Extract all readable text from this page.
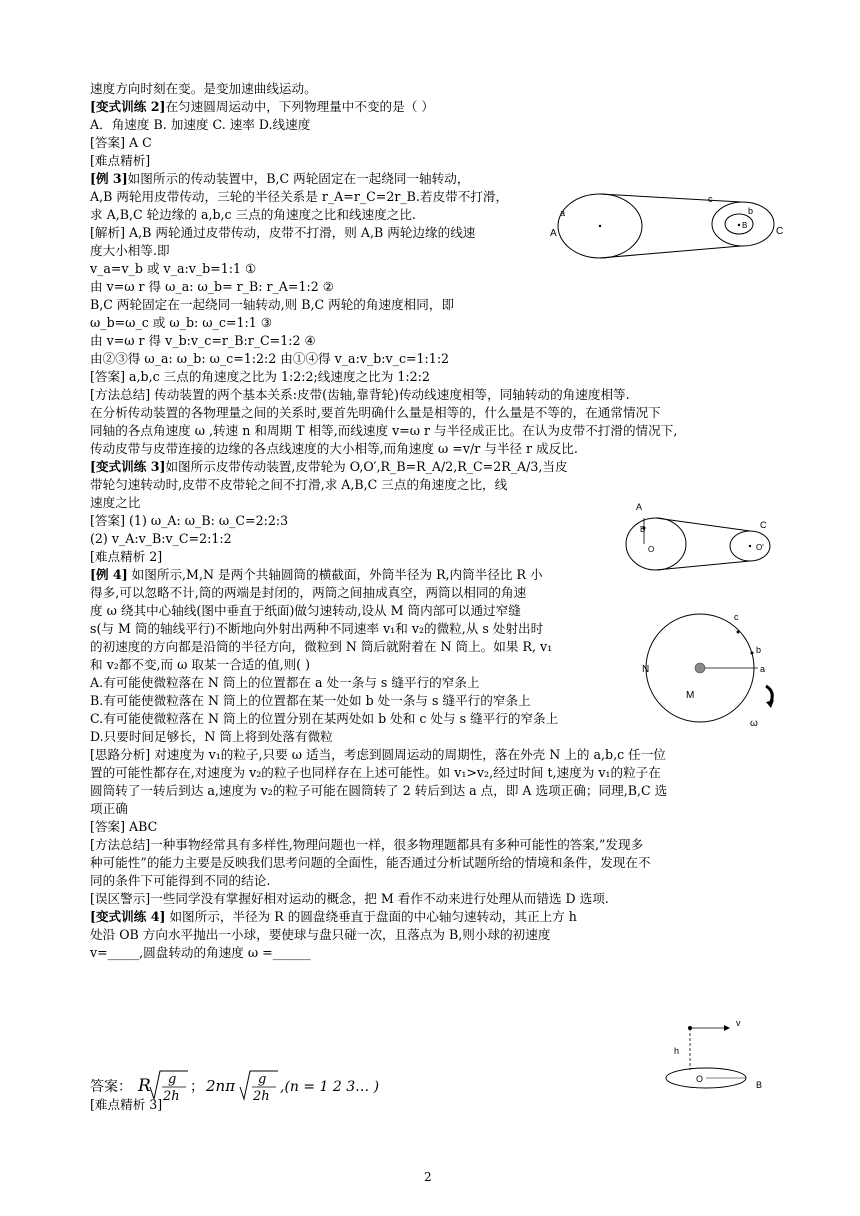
速度方向时刻在变。是变加速曲线运动。
[变式训练 2]在匀速圆周运动中，下列物理量中不变的是（ ）
A．角速度 B. 加速度 C. 速率 D.线速度
[答案] A C
[难点精析]
[例 3]如图所示的传动装置中，B,C 两轮固定在一起绕同一轴转动，
A,B 两轮用皮带传动，三轮的半径关系是 r_A=r_C=2r_B.若皮带不打滑，
求 A,B,C 轮边缘的 a,b,c 三点的角速度之比和线速度之比.
[解析] A,B 两轮通过皮带传动，皮带不打滑，则 A,B 两轮边缘的线速
度大小相等.即
v_a=v_b 或 v_a:v_b=1:1 ①
由 v=ω r 得 ω_a: ω_b= r_B: r_A=1:2 ②
B,C 两轮固定在一起绕同一轴转动,则 B,C 两轮的角速度相同，即
ω_b=ω_c 或 ω_b: ω_c=1:1 ③
由 v=ω r 得 v_b:v_c=r_B:r_C=1:2 ④
由②③得 ω_a: ω_b: ω_c=1:2:2 由①④得 v_a:v_b:v_c=1:1:2
[答案] a,b,c 三点的角速度之比为 1:2:2;线速度之比为 1:2:2
[方法总结] 传动装置的两个基本关系:皮带(齿轴,靠背轮)传动线速度相等，同轴转动的角速度相等.
在分析传动装置的各物理量之间的关系时,要首先明确什么量是相等的，什么量是不等的，在通常情况下
同轴的各点角速度 ω ,转速 n 和周期 T 相等,而线速度 v=ω r 与半径成正比。在认为皮带不打滑的情况下,
传动皮带与皮带连接的边缘的各点线速度的大小相等,而角速度 ω =v/r 与半径 r 成反比.
[变式训练 3]如图所示皮带传动装置,皮带轮为 O,O′,R_B=R_A/2,R_C=2R_A/3,当皮
带轮匀速转动时,皮带不皮带轮之间不打滑,求 A,B,C 三点的角速度之比，线
速度之比
[答案] (1) ω_A: ω_B: ω_C=2:2:3
(2) v_A:v_B:v_C=2:1:2
[难点精析 2]
[例 4] 如图所示,M,N 是两个共轴圆筒的横截面，外筒半径为 R,内筒半径比 R 小
得多,可以忽略不计,筒的两端是封闭的，两筒之间抽成真空，两筒以相同的角速
度 ω 绕其中心轴线(图中垂直于纸面)做匀速转动,设从 M 筒内部可以通过窄缝
s(与 M 筒的轴线平行)不断地向外射出两种不同速率 v₁和 v₂的微粒,从 s 处射出时
的初速度的方向都是沿筒的半径方向，微粒到 N 筒后就附着在 N 筒上。如果 R, v₁
和 v₂都不变,而 ω 取某一合适的值,则( )
A.有可能使微粒落在 N 筒上的位置都在 a 处一条与 s 缝平行的窄条上
B.有可能使微粒落在 N 筒上的位置都在某一处如 b 处一条与 s 缝平行的窄条上
C.有可能使微粒落在 N 筒上的位置分别在某两处如 b 处和 c 处与 s 缝平行的窄条上
D.只要时间足够长，N 筒上将到处落有微粒
[思路分析] 对速度为 v₁的粒子,只要 ω 适当，考虑到圆周运动的周期性，落在外壳 N 上的 a,b,c 任一位
置的可能性都存在,对速度为 v₂的粒子也同样存在上述可能性。如 v₁>v₂,经过时间 t,速度为 v₁的粒子在
圆筒转了一转后到达 a,速度为 v₂的粒子可能在圆筒转了 2 转后到达 a 点，即 A 选项正确；同理,B,C 选
项正确
[答案] ABC
[方法总结]一种事物经常具有多样性,物理问题也一样，很多物理题都具有多种可能性的答案,”发现多
种可能性”的能力主要是反映我们思考问题的全面性，能否通过分析试题所给的情境和条件，发现在不
同的条件下可能得到不同的结论.
[误区警示]一些同学没有掌握好相对运动的概念，把 M 看作不动来进行处理从而错选 D 选项.
[变式训练 4] 如图所示，半径为 R 的圆盘绕垂直于盘面的中心轴匀速转动，其正上方 h
处沿 OB 方向水平抛出一小球，要使球与盘只碰一次，且落点为 B,则小球的初速度
v=_____,圆盘转动的角速度 ω =______
答案： R g
2h
； 2nπ g
2h
,(n = 1 2 3… )
[难点精析 3]
2
a
A
c
b
B
C
A
B
O
C
O'
c
b
a
N
M
ω
v
h
O
B
